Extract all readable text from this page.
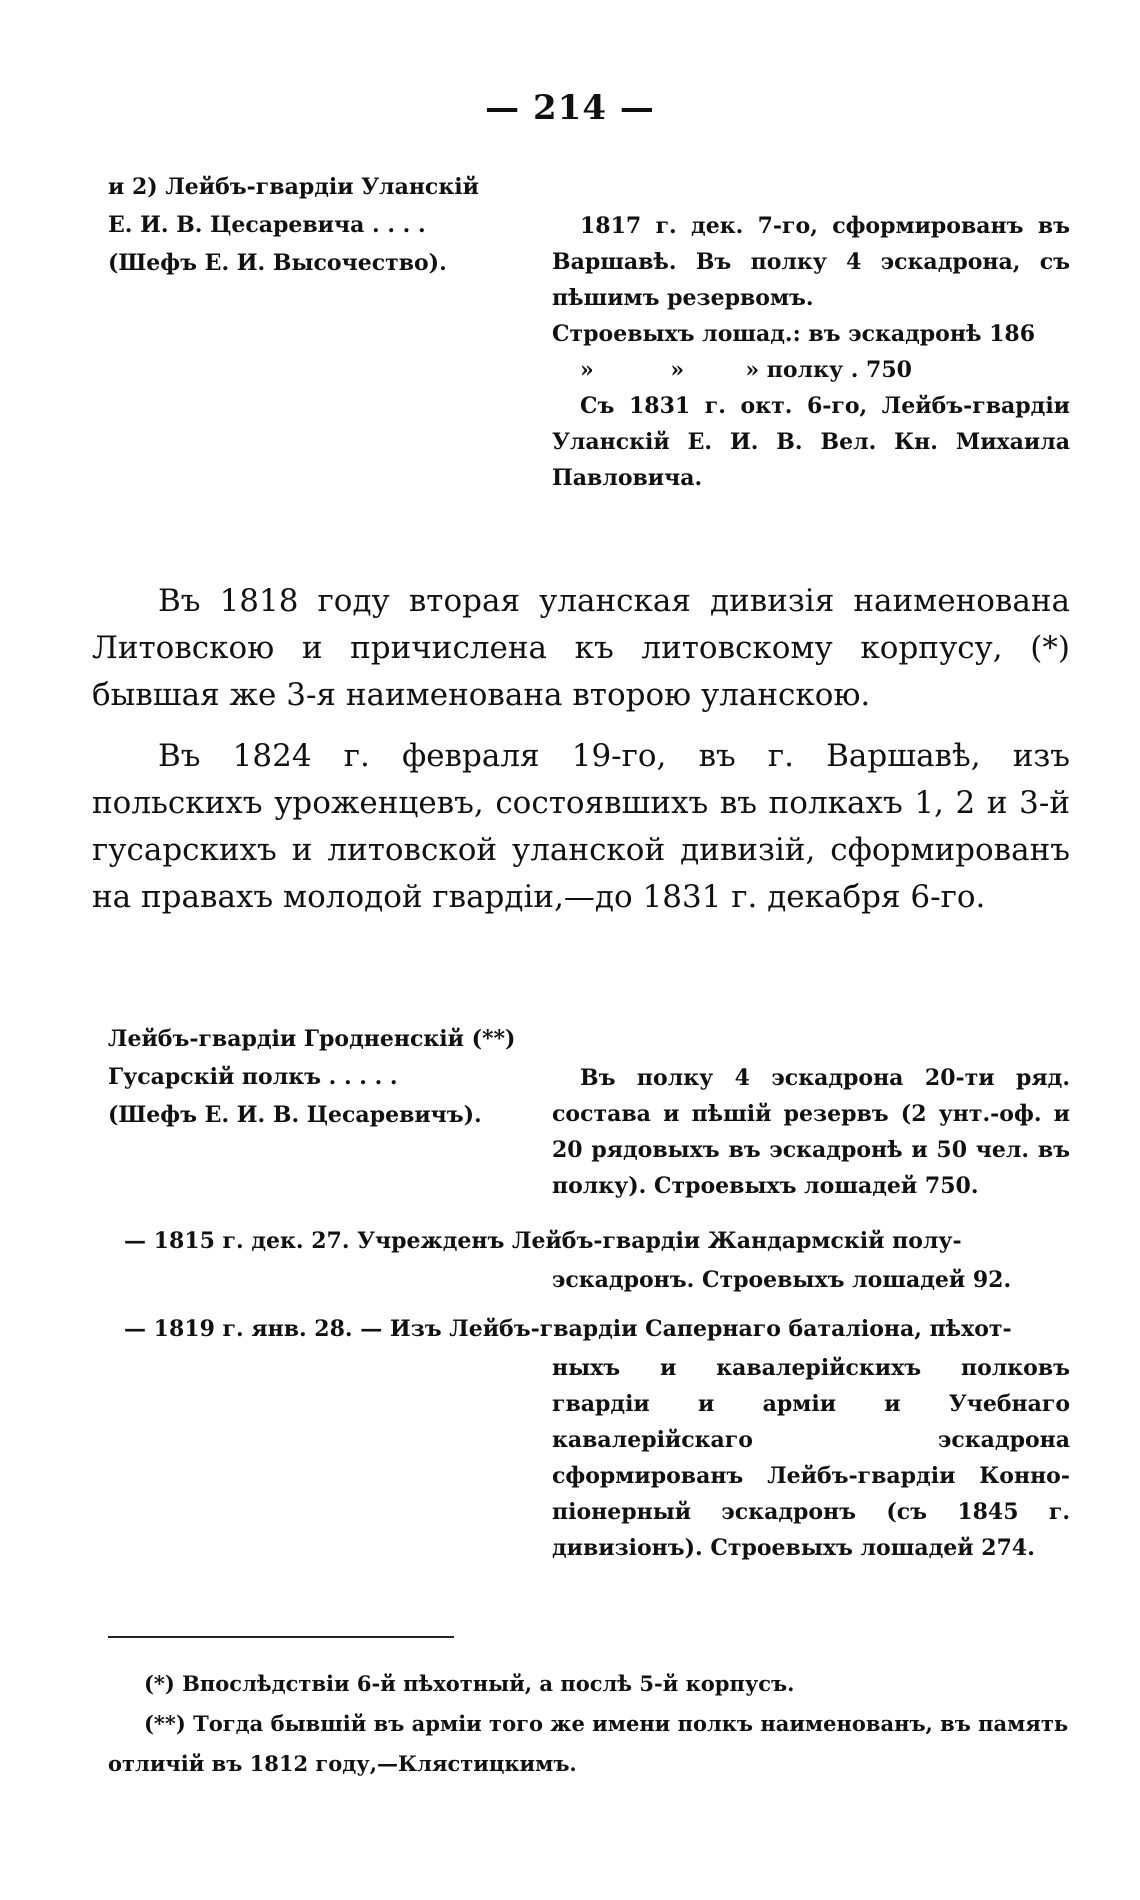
— 214 —
и 2) Лейбъ-гвардіи Уланскій
Е. И. В. Цесаревича . . . .
(Шефъ Е. И. Высочество).

1817 г. дек. 7-го, сформированъ въ Варшавѣ. Въ полку 4 эскадрона, съ пѣшимъ резервомъ.

Строевыхъ лошад.: въ эскадронѣ 186

»          »        » полку . 750

Съ 1831 г. окт. 6-го, Лейбъ-гвардіи Уланскій Е. И. В. Вел. Кн. Михаила Павловича.

Въ 1818 году вторая уланская дивизія наименована Литовскою и причислена къ литовскому корпусу, (*) бывшая же 3-я наименована второю уланскою.

Въ 1824 г. февраля 19-го, въ г. Варшавѣ, изъ польскихъ уроженцевъ, состоявшихъ въ полкахъ 1, 2 и 3-й гусарскихъ и литовской уланской дивизій, сформированъ на правахъ молодой гвардіи,—до 1831 г. декабря 6-го.

Лейбъ-гвардіи Гродненскій (**)
Гусарскій полкъ . . . . .
(Шефъ Е. И. В. Цесаревичъ).

Въ полку 4 эскадрона 20-ти ряд. состава и пѣшій резервъ (2 унт.-оф. и 20 рядовыхъ въ эскадронѣ и 50 чел. въ полку). Строевыхъ лошадей 750.

— 1815 г. дек. 27. Учрежденъ Лейбъ-гвардіи Жандармскій полу-
эскадронъ. Строевыхъ лошадей 92.
— 1819 г. янв. 28. — Изъ Лейбъ-гвардіи Сапернаго баталіона, пѣхот-
ныхъ и кавалерійскихъ полковъ гвардіи и арміи и Учебнаго кавалерійскаго эскадрона сформированъ Лейбъ-гвардіи Конно-піонерный эскадронъ (съ 1845 г. дивизіонъ). Строевыхъ лошадей 274.

(*) Впослѣдствіи 6-й пѣхотный, а послѣ 5-й корпусъ.

(**) Тогда бывшій въ арміи того же имени полкъ наименованъ, въ память отличій въ 1812 году,—Клястицкимъ.
